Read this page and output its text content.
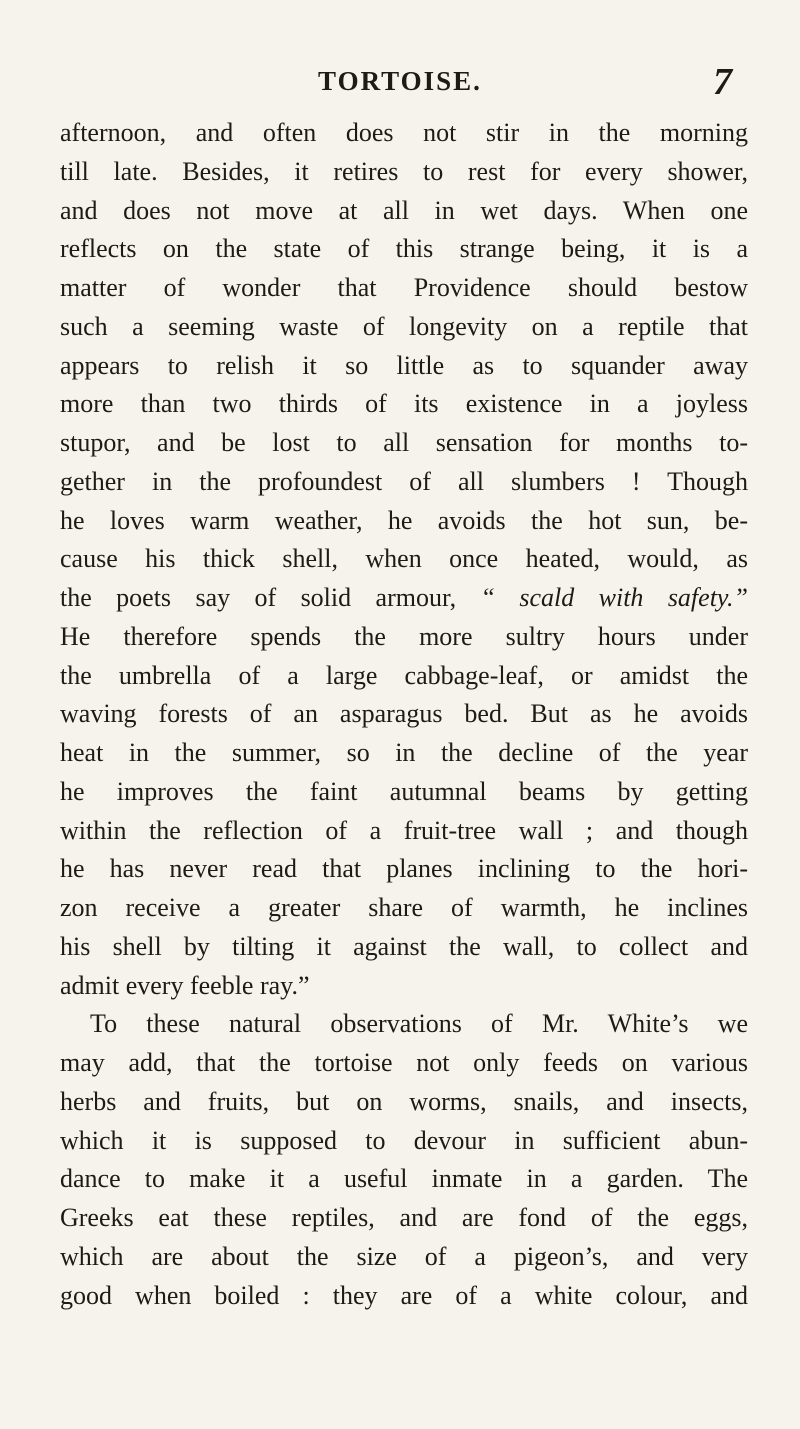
TORTOISE.	7
afternoon, and often does not stir in the morning
till late. Besides, it retires to rest for every shower,
and does not move at all in wet days. When one
reflects on the state of this strange being, it is a
matter of wonder that Providence should bestow
such a seeming waste of longevity on a reptile that
appears to relish it so little as to squander away
more than two thirds of its existence in a joyless
stupor, and be lost to all sensation for months to-
gether in the profoundest of all slumbers ! Though
he loves warm weather, he avoids the hot sun, be-
cause his thick shell, when once heated, would, as
the poets say of solid armour, “ scald with safety.”
He therefore spends the more sultry hours under
the umbrella of a large cabbage-leaf, or amidst the
waving forests of an asparagus bed. But as he avoids
heat in the summer, so in the decline of the year
he improves the faint autumnal beams by getting
within the reflection of a fruit-tree wall ; and though
he has never read that planes inclining to the hori-
zon receive a greater share of warmth, he inclines
his shell by tilting it against the wall, to collect and
admit every feeble ray.”
To these natural observations of Mr. White’s we
may add, that the tortoise not only feeds on various
herbs and fruits, but on worms, snails, and insects,
which it is supposed to devour in sufficient abun-
dance to make it a useful inmate in a garden. The
Greeks eat these reptiles, and are fond of the eggs,
which are about the size of a pigeon’s, and very
good when boiled : they are of a white colour, and
